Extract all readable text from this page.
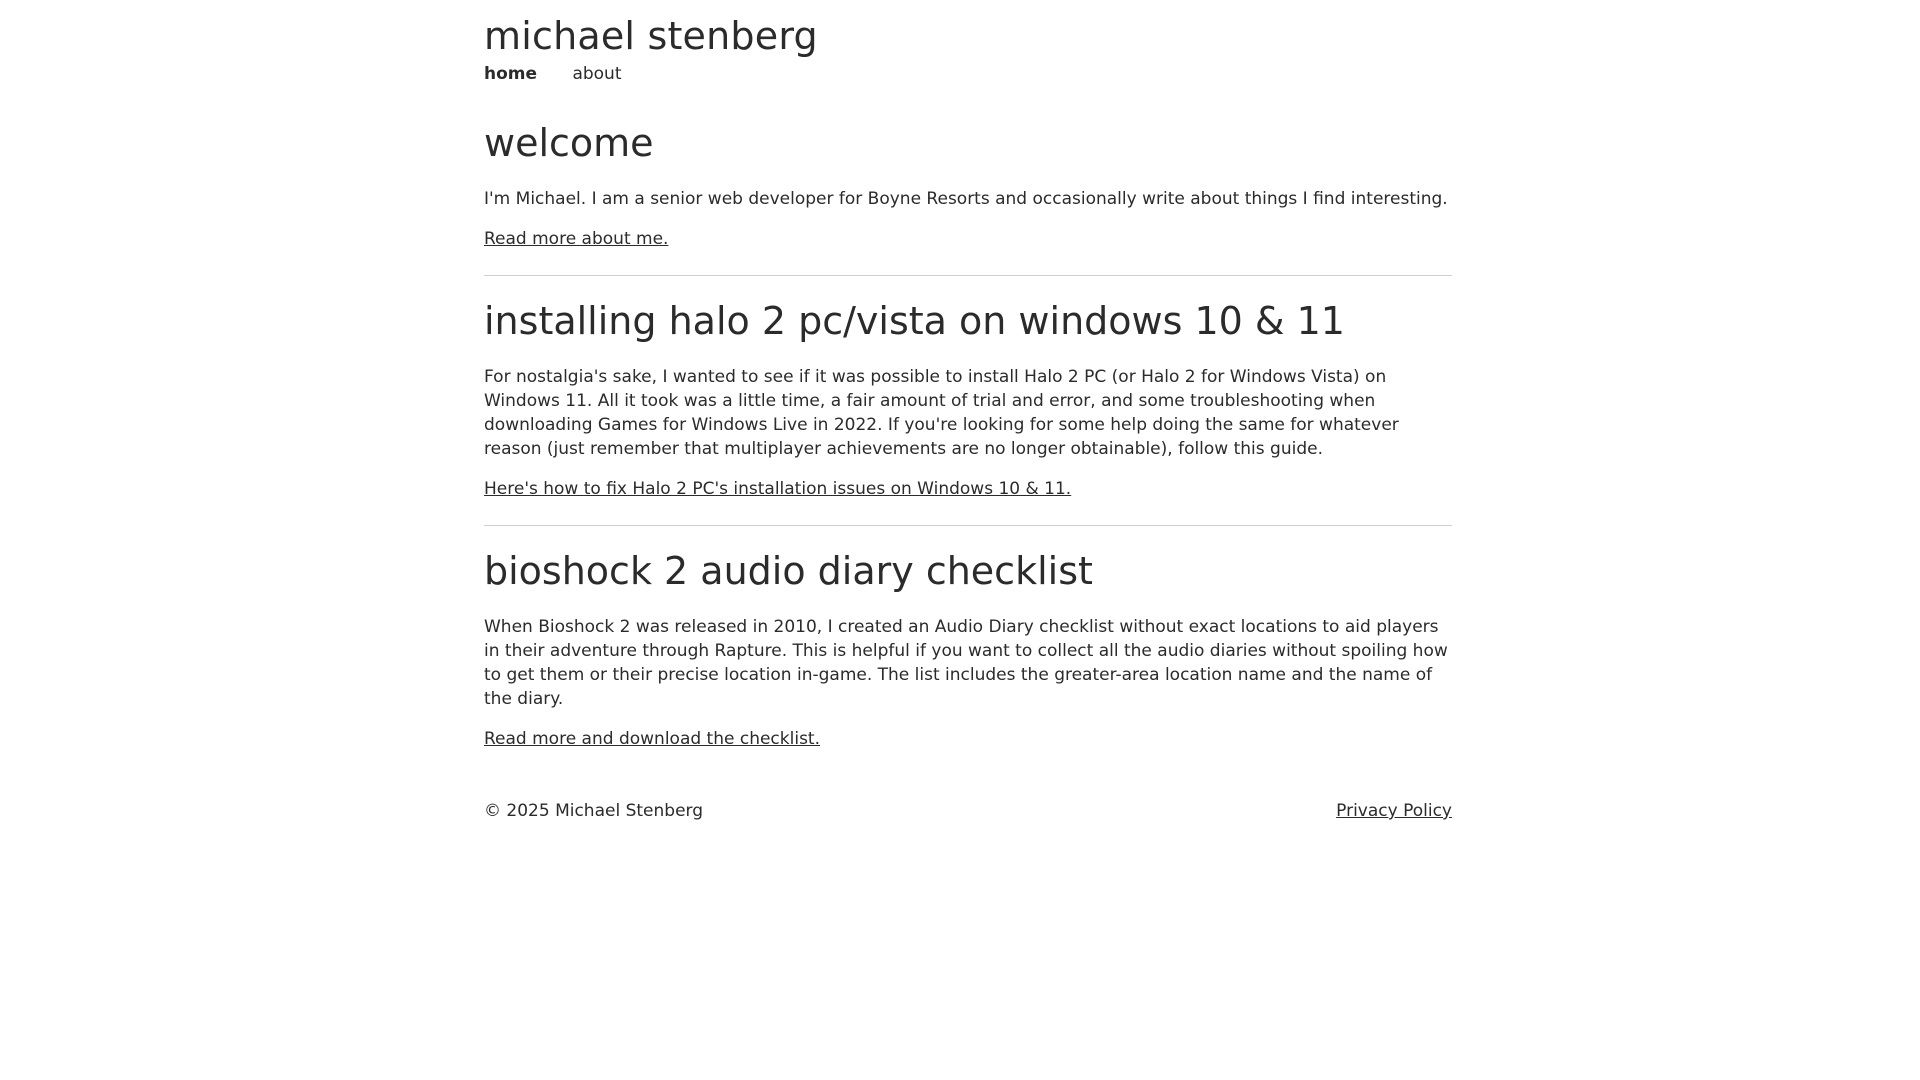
michael stenberg
home about
welcome

I'm Michael. I am a senior web developer for Boyne Resorts and occasionally write about things I find interesting.

Read more about me.
installing halo 2 pc/vista on windows 10 & 11

For nostalgia's sake, I wanted to see if it was possible to install Halo 2 PC (or Halo 2 for Windows Vista) on Windows 11. All it took was a little time, a fair amount of trial and error, and some troubleshooting when downloading Games for Windows Live in 2022. If you're looking for some help doing the same for whatever reason (just remember that multiplayer achievements are no longer obtainable), follow this guide.

Here's how to fix Halo 2 PC's installation issues on Windows 10 & 11.
bioshock 2 audio diary checklist

When Bioshock 2 was released in 2010, I created an Audio Diary checklist without exact locations to aid players in their adventure through Rapture. This is helpful if you want to collect all the audio diaries without spoiling how to get them or their precise location in-game. The list includes the greater-area location name and the name of the diary.

Read more and download the checklist.
© 2025 Michael Stenberg	Privacy Policy
